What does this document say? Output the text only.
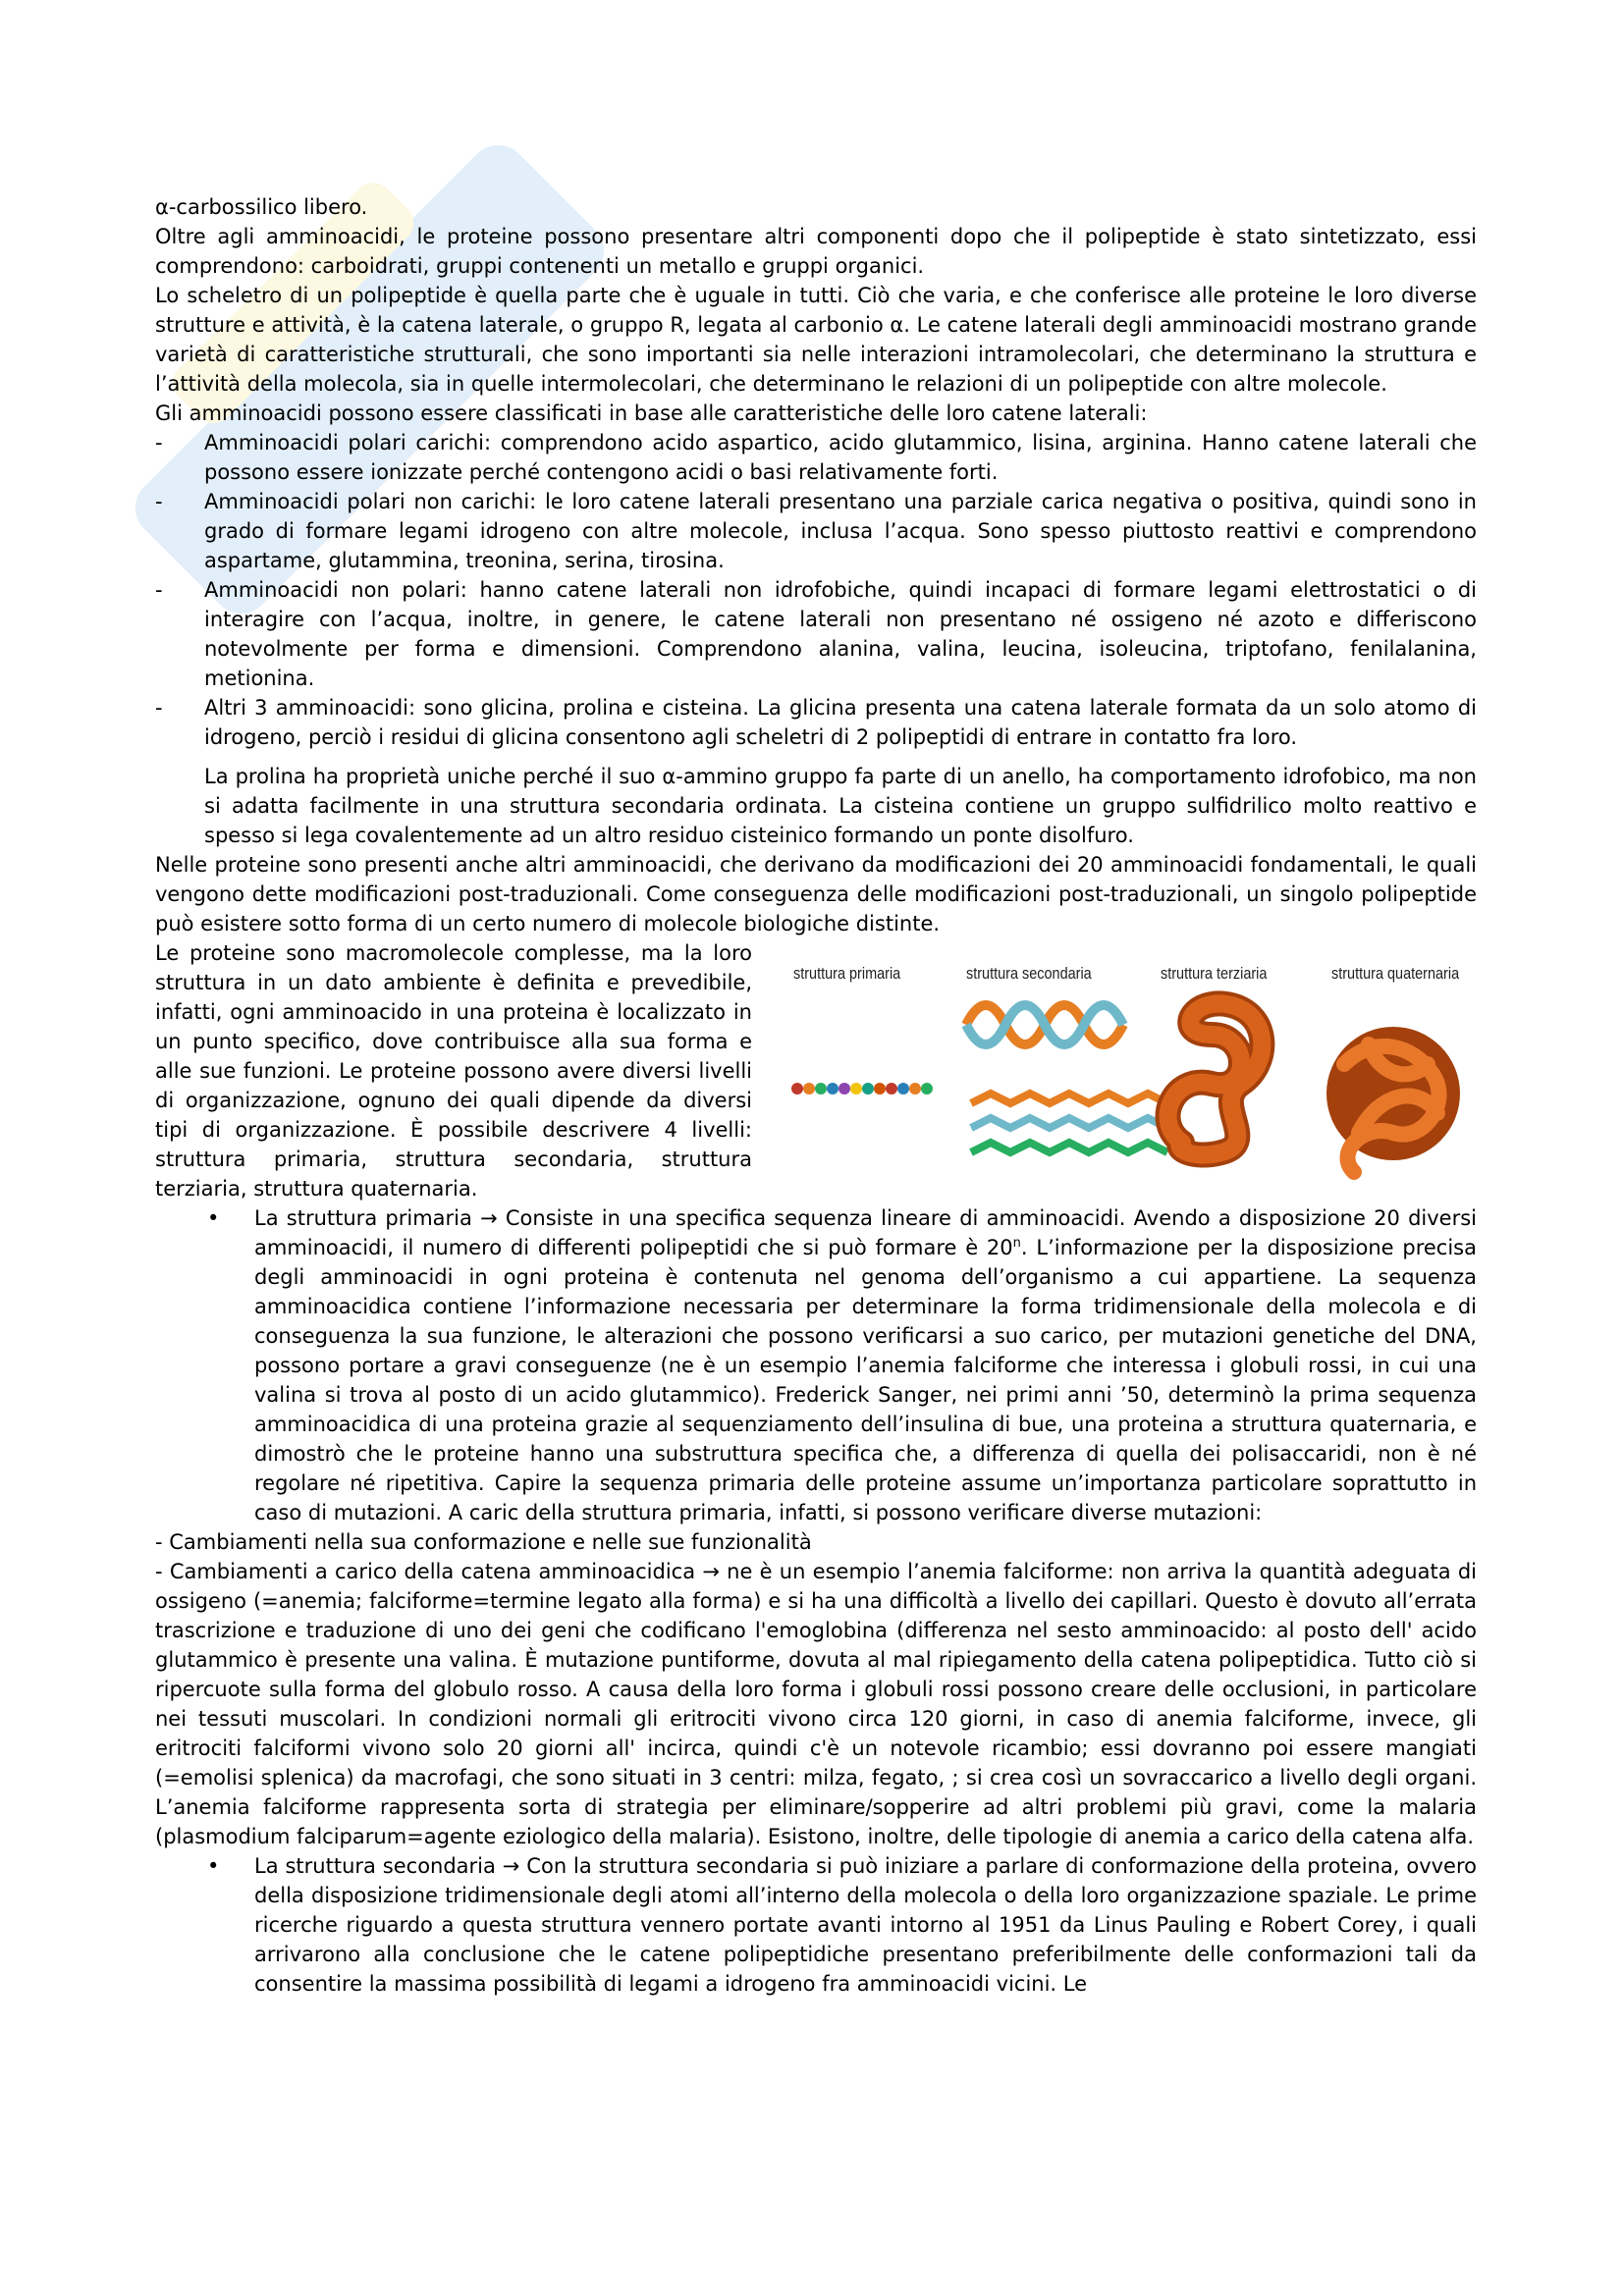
α-carbossilico libero.

Oltre agli amminoacidi, le proteine possono presentare altri componenti dopo che il polipeptide è stato sintetizzato, essi comprendono: carboidrati, gruppi contenenti un metallo e gruppi organici.

Lo scheletro di un polipeptide è quella parte che è uguale in tutti. Ciò che varia, e che conferisce alle proteine le loro diverse strutture e attività, è la catena laterale, o gruppo R, legata al carbonio α. Le catene laterali degli amminoacidi mostrano grande varietà di caratteristiche strutturali, che sono importanti sia nelle interazioni intramolecolari, che determinano la struttura e l’attività della molecola, sia in quelle intermolecolari, che determinano le relazioni di un polipeptide con altre molecole.

Gli amminoacidi possono essere classificati in base alle caratteristiche delle loro catene laterali:

- Amminoacidi polari carichi: comprendono acido aspartico, acido glutammico, lisina, arginina. Hanno catene laterali che possono essere ionizzate perché contengono acidi o basi relativamente forti.
- Amminoacidi polari non carichi: le loro catene laterali presentano una parziale carica negativa o positiva, quindi sono in grado di formare legami idrogeno con altre molecole, inclusa l’acqua. Sono spesso piuttosto reattivi e comprendono aspartame, glutammina, treonina, serina, tirosina.
- Amminoacidi non polari: hanno catene laterali non idrofobiche, quindi incapaci di formare legami elettrostatici o di interagire con l’acqua, inoltre, in genere, le catene laterali non presentano né ossigeno né azoto e differiscono notevolmente per forma e dimensioni. Comprendono alanina, valina, leucina, isoleucina, triptofano, fenilalanina, metionina.
- Altri 3 amminoacidi: sono glicina, prolina e cisteina. La glicina presenta una catena laterale formata da un solo atomo di idrogeno, perciò i residui di glicina consentono agli scheletri di 2 polipeptidi di entrare in contatto fra loro.

La prolina ha proprietà uniche perché il suo α-ammino gruppo fa parte di un anello, ha comportamento idrofobico, ma non si adatta facilmente in una struttura secondaria ordinata. La cisteina contiene un gruppo sulfidrilico molto reattivo e spesso si lega covalentemente ad un altro residuo cisteinico formando un ponte disolfuro.

Nelle proteine sono presenti anche altri amminoacidi, che derivano da modificazioni dei 20 amminoacidi fondamentali, le quali vengono dette modificazioni post-traduzionali. Come conseguenza delle modificazioni post-traduzionali, un singolo polipeptide può esistere sotto forma di un certo numero di molecole biologiche distinte.

struttura primaria	struttura secondaria	struttura terziaria	struttura quaternaria

Le proteine sono macromolecole complesse, ma la loro struttura in un dato ambiente è definita e prevedibile, infatti, ogni amminoacido in una proteina è localizzato in un punto specifico, dove contribuisce alla sua forma e alle sue funzioni. Le proteine possono avere diversi livelli di organizzazione, ognuno dei quali dipende da diversi tipi di organizzazione. È possibile descrivere 4 livelli: struttura primaria, struttura secondaria, struttura terziaria, struttura quaternaria.

• La struttura primaria → Consiste in una specifica sequenza lineare di amminoacidi. Avendo a disposizione 20 diversi amminoacidi, il numero di differenti polipeptidi che si può formare è 20$^n$. L’informazione per la disposizione precisa degli amminoacidi in ogni proteina è contenuta nel genoma dell’organismo a cui appartiene. La sequenza amminoacidica contiene l’informazione necessaria per determinare la forma tridimensionale della molecola e di conseguenza la sua funzione, le alterazioni che possono verificarsi a suo carico, per mutazioni genetiche del DNA, possono portare a gravi conseguenze (ne è un esempio l’anemia falciforme che interessa i globuli rossi, in cui una valina si trova al posto di un acido glutammico). Frederick Sanger, nei primi anni ’50, determinò la prima sequenza amminoacidica di una proteina grazie al sequenziamento dell’insulina di bue, una proteina a struttura quaternaria, e dimostrò che le proteine hanno una substruttura specifica che, a differenza di quella dei polisaccaridi, non è né regolare né ripetitiva. Capire la sequenza primaria delle proteine assume un’importanza particolare soprattutto in caso di mutazioni. A caric della struttura primaria, infatti, si possono verificare diverse mutazioni:

- Cambiamenti nella sua conformazione e nelle sue funzionalità

- Cambiamenti a carico della catena amminoacidica → ne è un esempio l’anemia falciforme: non arriva la quantità adeguata di ossigeno (=anemia; falciforme=termine legato alla forma) e si ha una difficoltà a livello dei capillari. Questo è dovuto all’errata trascrizione e traduzione di uno dei geni che codificano l'emoglobina (differenza nel sesto amminoacido: al posto dell' acido glutammico è presente una valina. È mutazione puntiforme, dovuta al mal ripiegamento della catena polipeptidica. Tutto ciò si ripercuote sulla forma del globulo rosso. A causa della loro forma i globuli rossi possono creare delle occlusioni, in particolare nei tessuti muscolari. In condizioni normali gli eritrociti vivono circa 120 giorni, in caso di anemia falciforme, invece, gli eritrociti falciformi vivono solo 20 giorni all' incirca, quindi c'è un notevole ricambio; essi dovranno poi essere mangiati (=emolisi splenica) da macrofagi, che sono situati in 3 centri: milza, fegato, ; si crea così un sovraccarico a livello degli organi. L’anemia falciforme rappresenta sorta di strategia per eliminare/sopperire ad altri problemi più gravi, come la malaria (plasmodium falciparum=agente eziologico della malaria). Esistono, inoltre, delle tipologie di anemia a carico della catena alfa.

• La struttura secondaria → Con la struttura secondaria si può iniziare a parlare di conformazione della proteina, ovvero della disposizione tridimensionale degli atomi all’interno della molecola o della loro organizzazione spaziale. Le prime ricerche riguardo a questa struttura vennero portate avanti intorno al 1951 da Linus Pauling e Robert Corey, i quali arrivarono alla conclusione che le catene polipeptidiche presentano preferibilmente delle conformazioni tali da consentire la massima possibilità di legami a idrogeno fra amminoacidi vicini. Le
